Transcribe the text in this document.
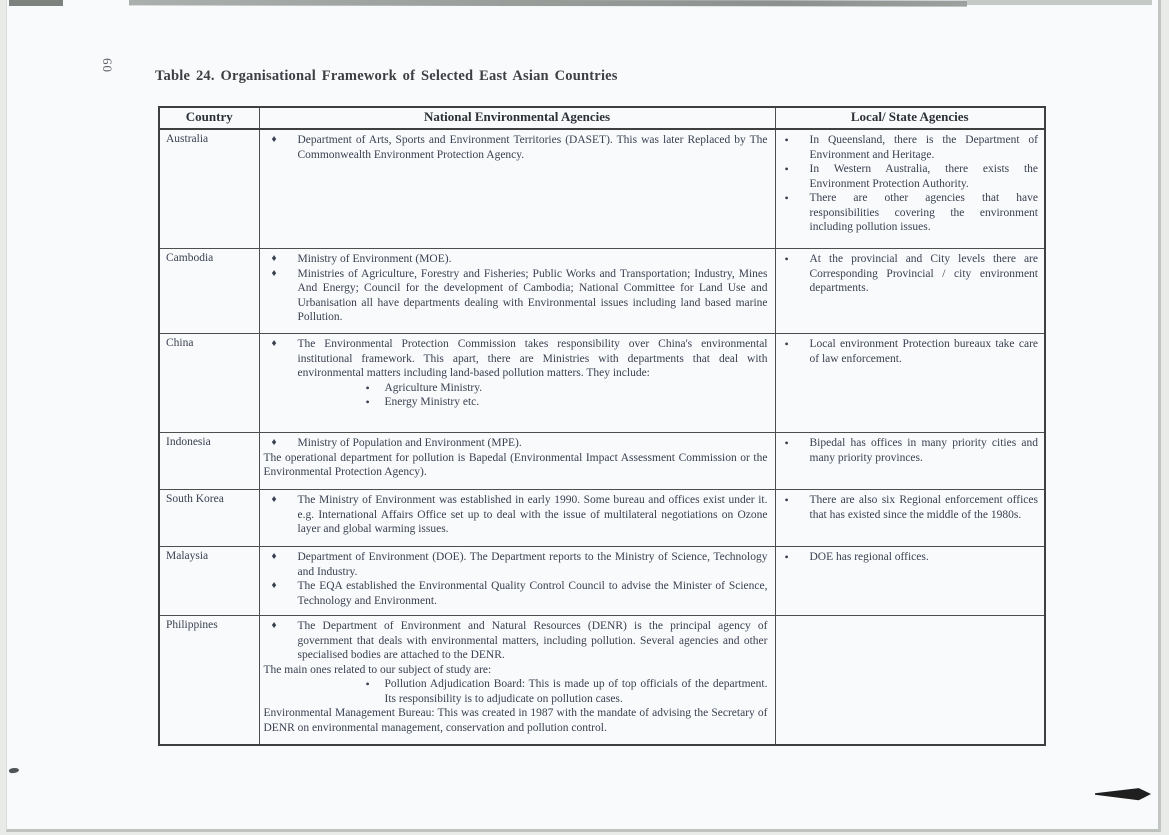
60
Table 24. Organisational Framework of Selected East Asian Countries
Country	National Environmental Agencies	Local/ State Agencies
Australia	♦	Department of Arts, Sports and Environment Territories (DASET). This was later Replaced by The Commonwealth Environment Protection Agency.

•	In Queensland, there is the Department of Environment and Heritage.
•	In Western Australia, there exists the Environment Protection Authority.
•	There are other agencies that have responsibilities covering the environment including pollution issues.

Cambodia	♦	Ministry of Environment (MOE).
♦	Ministries of Agriculture, Forestry and Fisheries; Public Works and Transportation; Industry, Mines And Energy; Council for the development of Cambodia; National Committee for Land Use and Urbanisation all have departments dealing with Environmental issues including land based marine Pollution.

•	At the provincial and City levels there are Corresponding Provincial / city environment departments.

China	♦	The Environmental Protection Commission takes responsibility over China's environmental institutional framework. This apart, there are Ministries with departments that deal with environmental matters including land-based pollution matters. They include:
•	Agriculture Ministry.
•	Energy Ministry etc.

•	Local environment Protection bureaux take care of law enforcement.

Indonesia	♦	Ministry of Population and Environment (MPE).
The operational department for pollution is Bapedal (Environmental Impact Assessment Commission or the Environmental Protection Agency).

•	Bipedal has offices in many priority cities and many priority provinces.

South Korea	♦ The Ministry of Environment was established in early 1990. Some bureau and offices exist under it. e.g. International Affairs Office set up to deal with the issue of multilateral negotiations on Ozone layer and global warming issues.	• There are also six Regional enforcement offices that has existed since the middle of the 1980s.

Malaysia	♦	Department of Environment (DOE). The Department reports to the Ministry of Science, Technology and Industry.
♦	The EQA established the Environmental Quality Control Council to advise the Minister of Science, Technology and Environment.

•	DOE has regional offices.

Philippines	♦	The Department of Environment and Natural Resources (DENR) is the principal agency of government that deals with environmental matters, including pollution. Several agencies and other specialised bodies are attached to the DENR.
The main ones related to our subject of study are:
•	Pollution Adjudication Board: This is made up of top officials of the department. Its responsibility is to adjudicate on pollution cases.
Environmental Management Bureau: This was created in 1987 with the mandate of advising the Secretary of DENR on environmental management, conservation and pollution control.
